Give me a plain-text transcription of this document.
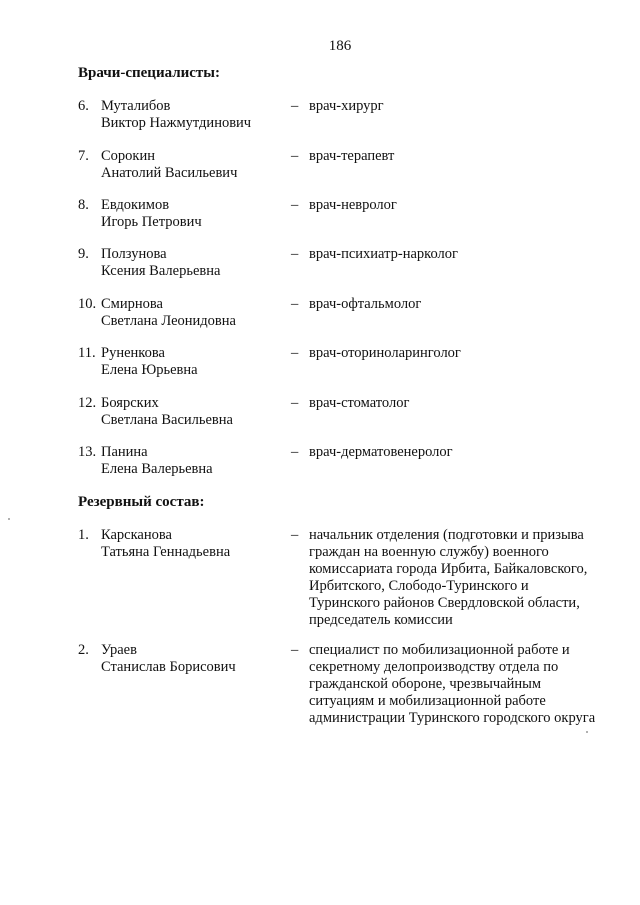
186
Врачи-специалисты:
6. Муталибов
Виктор Нажмутдинович
– врач-хирург
7. Сорокин
Анатолий Васильевич
– врач-терапевт
8. Евдокимов
Игорь Петрович
– врач-невролог
9. Ползунова
Ксения Валерьевна
– врач-психиатр-нарколог
10. Смирнова
Светлана Леонидовна
– врач-офтальмолог
11. Руненкова
Елена Юрьевна
– врач-оториноларинголог
12. Боярских
Светлана Васильевна
– врач-стоматолог
13. Панина
Елена Валерьевна
– врач-дерматовенеролог
Резервный состав:
1. Карсканова
Татьяна Геннадьевна
– начальник отделения (подготовки и призыва
граждан на военную службу) военного
комиссариата города Ирбита, Байкаловского,
Ирбитского, Слободо-Туринского и
Туринского районов Свердловской области,
председатель комиссии
2. Ураев
Станислав Борисович
– специалист по мобилизационной работе и
секретному делопроизводству отдела по
гражданской обороне, чрезвычайным
ситуациям и мобилизационной работе
администрации Туринского городского округа
